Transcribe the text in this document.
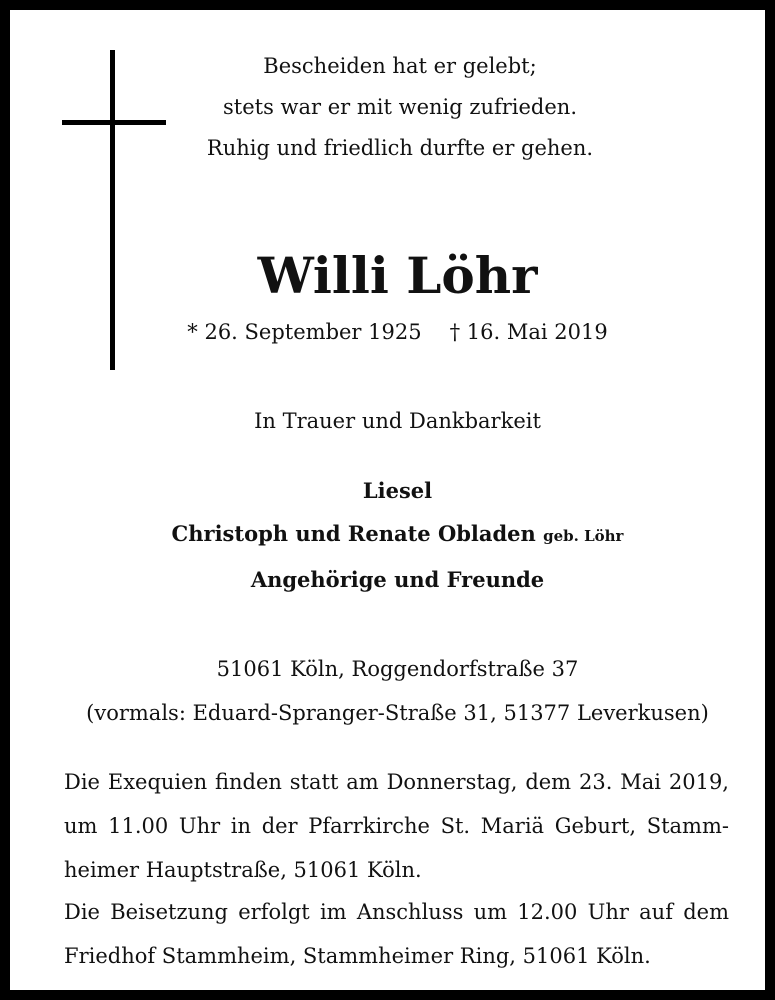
Bescheiden hat er gelebt;
stets war er mit wenig zufrieden.
Ruhig und friedlich durfte er gehen.
Willi Löhr
* 26. September 1925 † 16. Mai 2019
In Trauer und Dankbarkeit
Liesel
Christoph und Renate Obladen geb. Löhr
Angehörige und Freunde
51061 Köln, Roggendorfstraße 37
(vormals: Eduard-Spranger-Straße 31, 51377 Leverkusen)
Die Exequien finden statt am Donnerstag, dem 23. Mai 2019, um 11.00 Uhr in der Pfarrkirche St. Mariä Geburt, Stammheimer Hauptstraße, 51061 Köln.
Die Beisetzung erfolgt im Anschluss um 12.00 Uhr auf dem Friedhof Stammheim, Stammheimer Ring, 51061 Köln.
